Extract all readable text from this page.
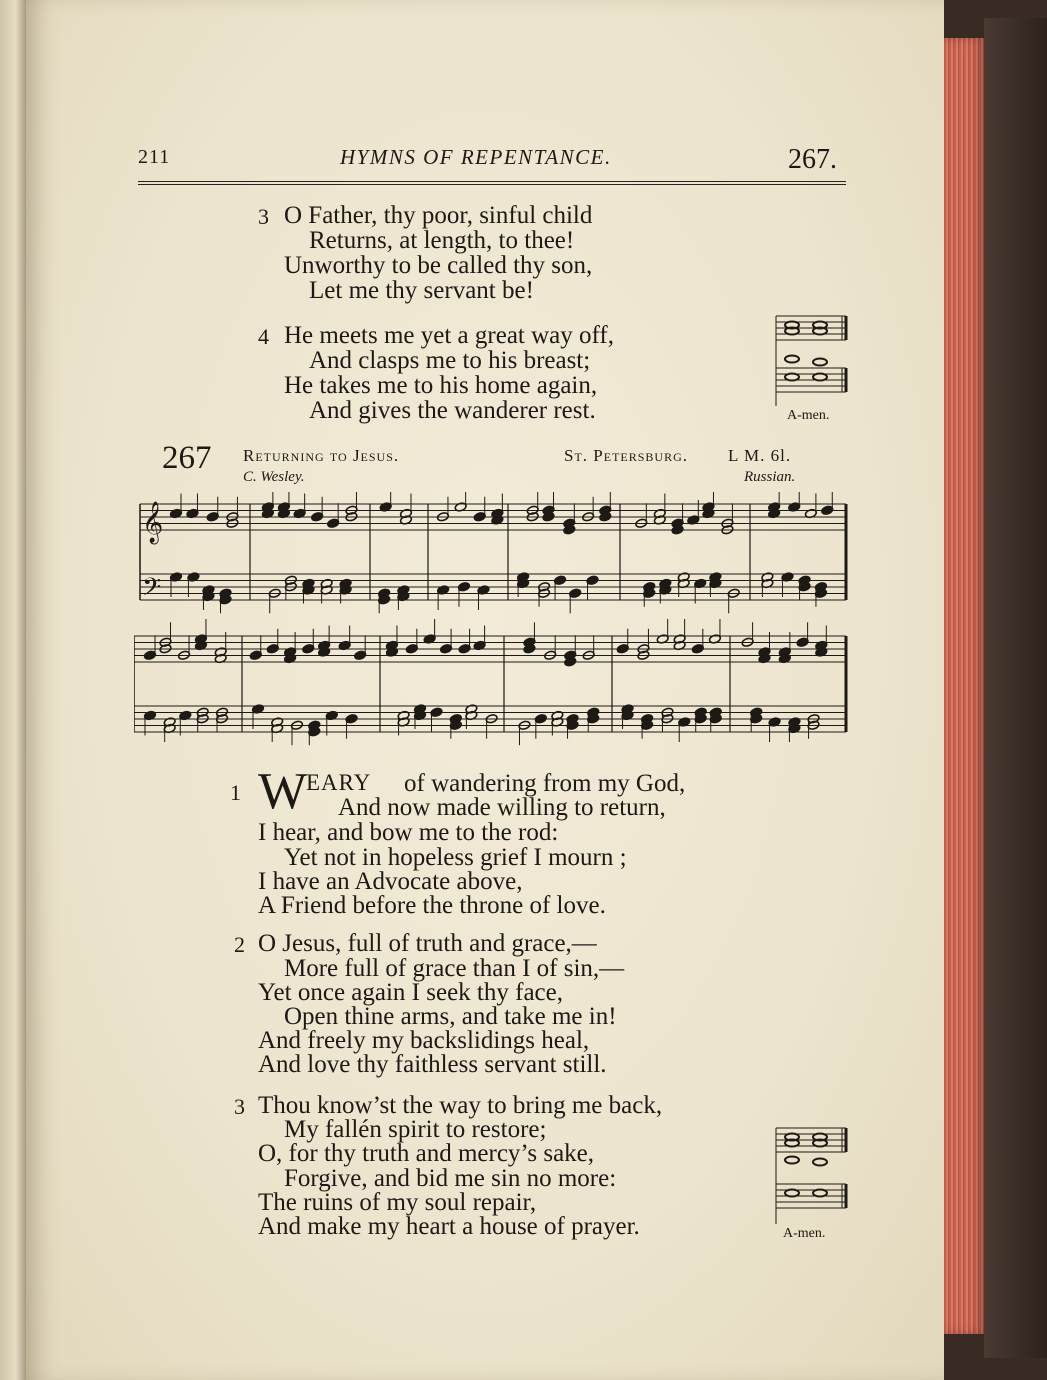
211	HYMNS OF REPENTANCE.	267.
3 O Father, thy poor, sinful child
Returns, at length, to thee!
Unworthy to be called thy son,
Let me thy servant be!
4 He meets me yet a great way off,
And clasps me to his breast;
He takes me to his home again,
And gives the wanderer rest.	A-men.
267 Returning to Jesus.	St. Petersburg. L M. 6l.
C. Wesley.	Russian.
𝄞
𝄢
1 W
EARY of wandering from my God,
And now made willing to return,
I hear, and bow me to the rod:
Yet not in hopeless grief I mourn ;
I have an Advocate above,
A Friend before the throne of love.
2 O Jesus, full of truth and grace,—
More full of grace than I of sin,—
Yet once again I seek thy face,
Open thine arms, and take me in!
And freely my backslidings heal,
And love thy faithless servant still.
3 Thou know’st the way to bring me back,
My fallén spirit to restore;
O, for thy truth and mercy’s sake,
Forgive, and bid me sin no more:
The ruins of my soul repair,
And make my heart a house of prayer.	A-men.
